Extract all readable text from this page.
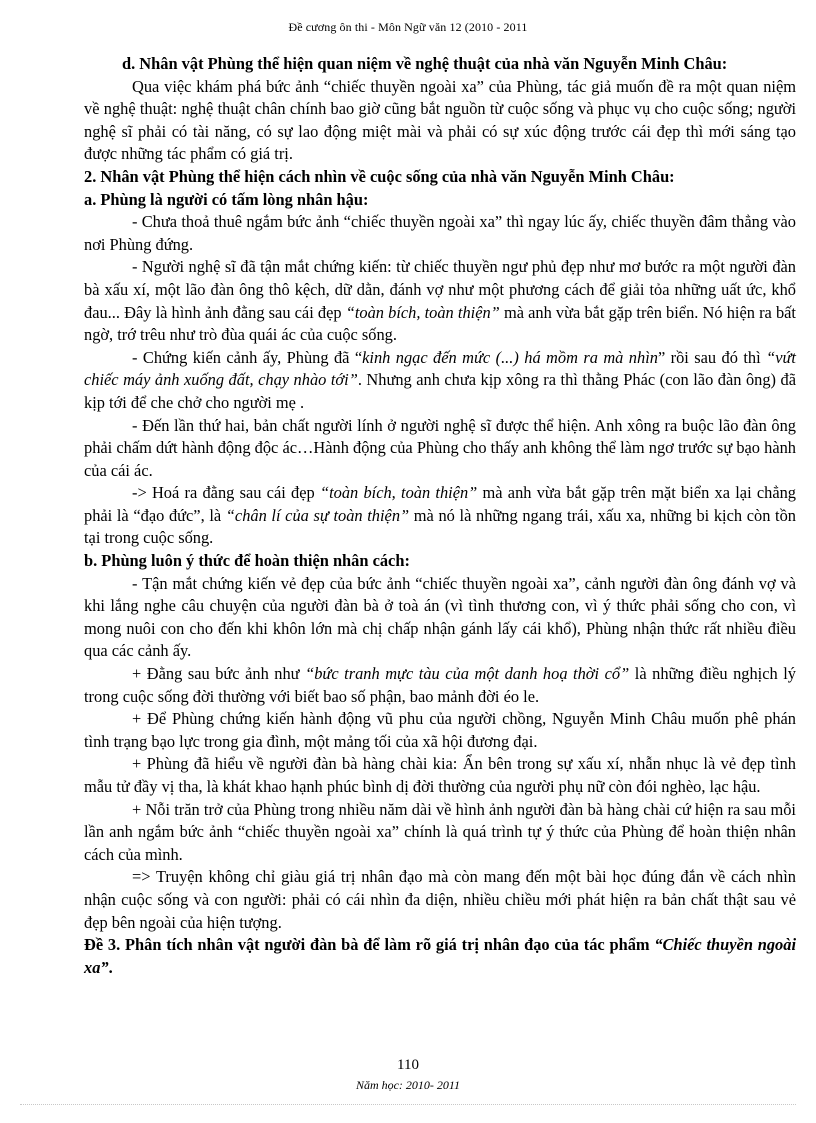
Đề cương ôn thi - Môn Ngữ văn 12 (2010 - 2011

d. Nhân vật Phùng thể hiện quan niệm về nghệ thuật của nhà văn Nguyễn Minh Châu:

Qua việc khám phá bức ảnh “chiếc thuyền ngoài xa” của Phùng, tác giả muốn đề ra một quan niệm về nghệ thuật: nghệ thuật chân chính bao giờ cũng bắt nguồn từ cuộc sống và phục vụ cho cuộc sống; người nghệ sĩ phải có tài năng, có sự lao động miệt mài và phải có sự xúc động trước cái đẹp thì mới sáng tạo được những tác phẩm có giá trị.

2. Nhân vật Phùng thể hiện cách nhìn về cuộc sống của nhà văn Nguyễn Minh Châu:

a. Phùng là người có tấm lòng nhân hậu:

- Chưa thoả thuê ngắm bức ảnh “chiếc thuyền ngoài xa” thì ngay lúc ấy, chiếc thuyền đâm thẳng vào nơi Phùng đứng.

- Người nghệ sĩ đã tận mắt chứng kiến: từ chiếc thuyền ngư phủ đẹp như mơ bước ra một người đàn bà xấu xí, một lão đàn ông thô kệch, dữ dằn, đánh vợ như một phương cách để giải tỏa những uất ức, khổ đau... Đây là hình ảnh đằng sau cái đẹp “toàn bích, toàn thiện” mà anh vừa bắt gặp trên biển. Nó hiện ra bất ngờ, trớ trêu như trò đùa quái ác của cuộc sống.

- Chứng kiến cảnh ấy, Phùng đã “kinh ngạc đến mức (...) há mồm ra mà nhìn” rồi sau đó thì “vứt chiếc máy ảnh xuống đất, chạy nhào tới”. Nhưng anh chưa kịp xông ra thì thằng Phác (con lão đàn ông) đã kịp tới để che chở cho người mẹ .

- Đến lần thứ hai, bản chất người lính ở người nghệ sĩ được thể hiện. Anh xông ra buộc lão đàn ông phải chấm dứt hành động độc ác…Hành động của Phùng cho thấy anh không thể làm ngơ trước sự bạo hành của cái ác.

-> Hoá ra đằng sau cái đẹp “toàn bích, toàn thiện” mà anh vừa bắt gặp trên mặt biển xa lại chẳng phải là “đạo đức”, là “chân lí của sự toàn thiện” mà nó là những ngang trái, xấu xa, những bi kịch còn tồn tại trong cuộc sống.

b. Phùng luôn ý thức để hoàn thiện nhân cách:

- Tận mắt chứng kiến vẻ đẹp của bức ảnh “chiếc thuyền ngoài xa”, cảnh người đàn ông đánh vợ và khi lắng nghe câu chuyện của người đàn bà ở toà án (vì tình thương con, vì ý thức phải sống cho con, vì mong nuôi con cho đến khi khôn lớn mà chị chấp nhận gánh lấy cái khổ), Phùng nhận thức rất nhiều điều qua các cảnh ấy.

+ Đằng sau bức ảnh như “bức tranh mực tàu của một danh hoạ thời cổ” là những điều nghịch lý trong cuộc sống đời thường với biết bao số phận, bao mảnh đời éo le.

+ Để Phùng chứng kiến hành động vũ phu của người chồng, Nguyễn Minh Châu muốn phê phán tình trạng bạo lực trong gia đình, một mảng tối của xã hội đương đại.

+ Phùng đã hiểu về người đàn bà hàng chài kia: Ẩn bên trong sự xấu xí, nhẫn nhục là vẻ đẹp tình mẫu tử đầy vị tha, là khát khao hạnh phúc bình dị đời thường của người phụ nữ còn đói nghèo, lạc hậu.

+ Nỗi trăn trở của Phùng trong nhiều năm dài về hình ảnh người đàn bà hàng chài cứ hiện ra sau mỗi lần anh ngắm bức ảnh “chiếc thuyền ngoài xa” chính là quá trình tự ý thức của Phùng để hoàn thiện nhân cách của mình.

=> Truyện không chỉ giàu giá trị nhân đạo mà còn mang đến một bài học đúng đắn về cách nhìn nhận cuộc sống và con người: phải có cái nhìn đa diện, nhiều chiều mới phát hiện ra bản chất thật sau vẻ đẹp bên ngoài của hiện tượng.

Đề 3. Phân tích nhân vật người đàn bà để làm rõ giá trị nhân đạo của tác phẩm “Chiếc thuyền ngoài xa”.

110
Năm học: 2010- 2011
